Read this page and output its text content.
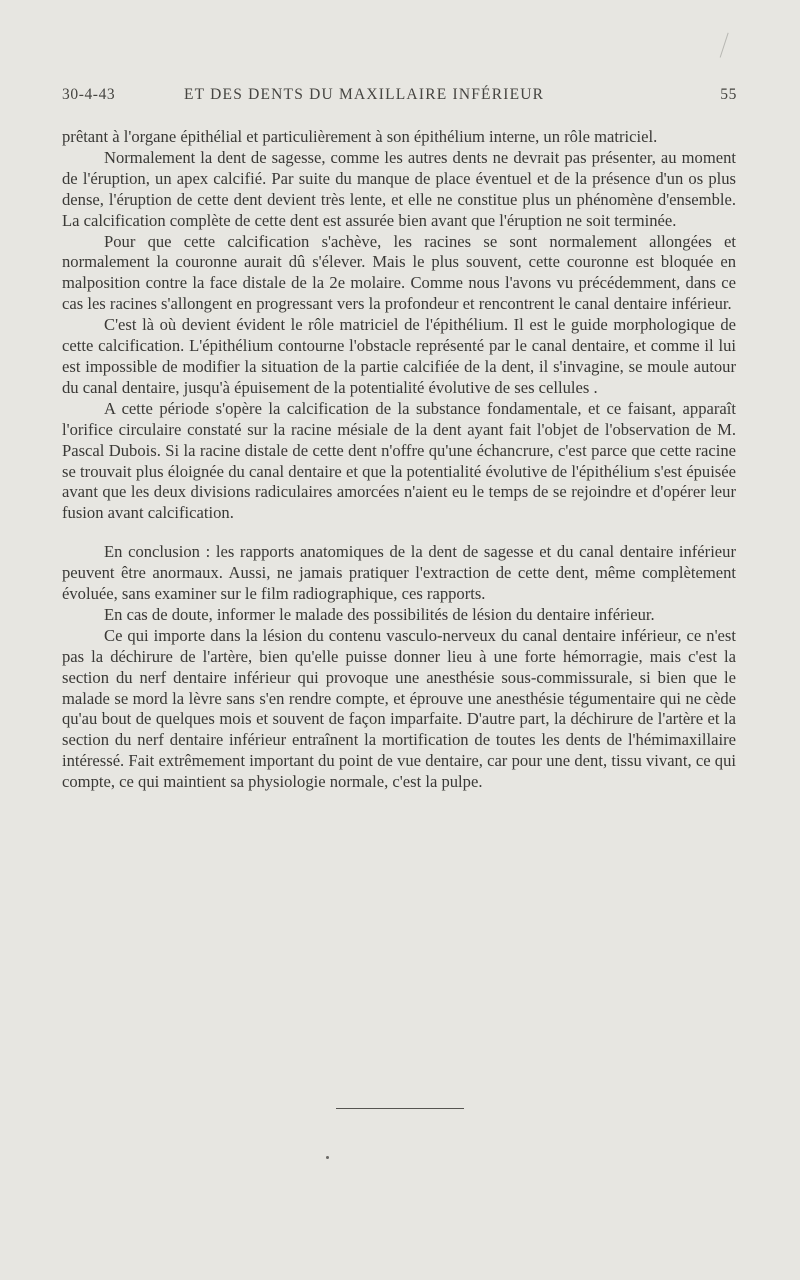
30-4-43	ET DES DENTS DU MAXILLAIRE INFÉRIEUR	55

prêtant à l'organe épithélial et particulièrement à son épithélium interne, un rôle matriciel.

Normalement la dent de sagesse, comme les autres dents ne devrait pas présenter, au moment de l'éruption, un apex calcifié. Par suite du manque de place éventuel et de la présence d'un os plus dense, l'éruption de cette dent devient très lente, et elle ne constitue plus un phénomène d'ensemble. La calcification complète de cette dent est assurée bien avant que l'éruption ne soit terminée.

Pour que cette calcification s'achève, les racines se sont normalement allongées et normalement la couronne aurait dû s'élever. Mais le plus souvent, cette couronne est bloquée en malposition contre la face distale de la 2e molaire. Comme nous l'avons vu précédemment, dans ce cas les racines s'allongent en progressant vers la profondeur et rencontrent le canal dentaire inférieur.

C'est là où devient évident le rôle matriciel de l'épithélium. Il est le guide morphologique de cette calcification. L'épithélium contourne l'obstacle représenté par le canal dentaire, et comme il lui est impossible de modifier la situation de la partie calcifiée de la dent, il s'invagine, se moule autour du canal dentaire, jusqu'à épuisement de la potentialité évolutive de ses cellules .

A cette période s'opère la calcification de la substance fondamentale, et ce faisant, apparaît l'orifice circulaire constaté sur la racine mésiale de la dent ayant fait l'objet de l'observation de M. Pascal Dubois. Si la racine distale de cette dent n'offre qu'une échancrure, c'est parce que cette racine se trouvait plus éloignée du canal dentaire et que la potentialité évolutive de l'épithélium s'est épuisée avant que les deux divisions radiculaires amorcées n'aient eu le temps de se rejoindre et d'opérer leur fusion avant calcification.

En conclusion : les rapports anatomiques de la dent de sagesse et du canal dentaire inférieur peuvent être anormaux. Aussi, ne jamais pratiquer l'extraction de cette dent, même complètement évoluée, sans examiner sur le film radiographique, ces rapports.

En cas de doute, informer le malade des possibilités de lésion du dentaire inférieur.

Ce qui importe dans la lésion du contenu vasculo-nerveux du canal dentaire inférieur, ce n'est pas la déchirure de l'artère, bien qu'elle puisse donner lieu à une forte hémorragie, mais c'est la section du nerf dentaire inférieur qui provoque une anesthésie sous-commissurale, si bien que le malade se mord la lèvre sans s'en rendre compte, et éprouve une anesthésie tégumentaire qui ne cède qu'au bout de quelques mois et souvent de façon imparfaite. D'autre part, la déchirure de l'artère et la section du nerf dentaire inférieur entraînent la mortification de toutes les dents de l'hémimaxillaire intéressé. Fait extrêmement important du point de vue dentaire, car pour une dent, tissu vivant, ce qui compte, ce qui maintient sa physiologie normale, c'est la pulpe.
